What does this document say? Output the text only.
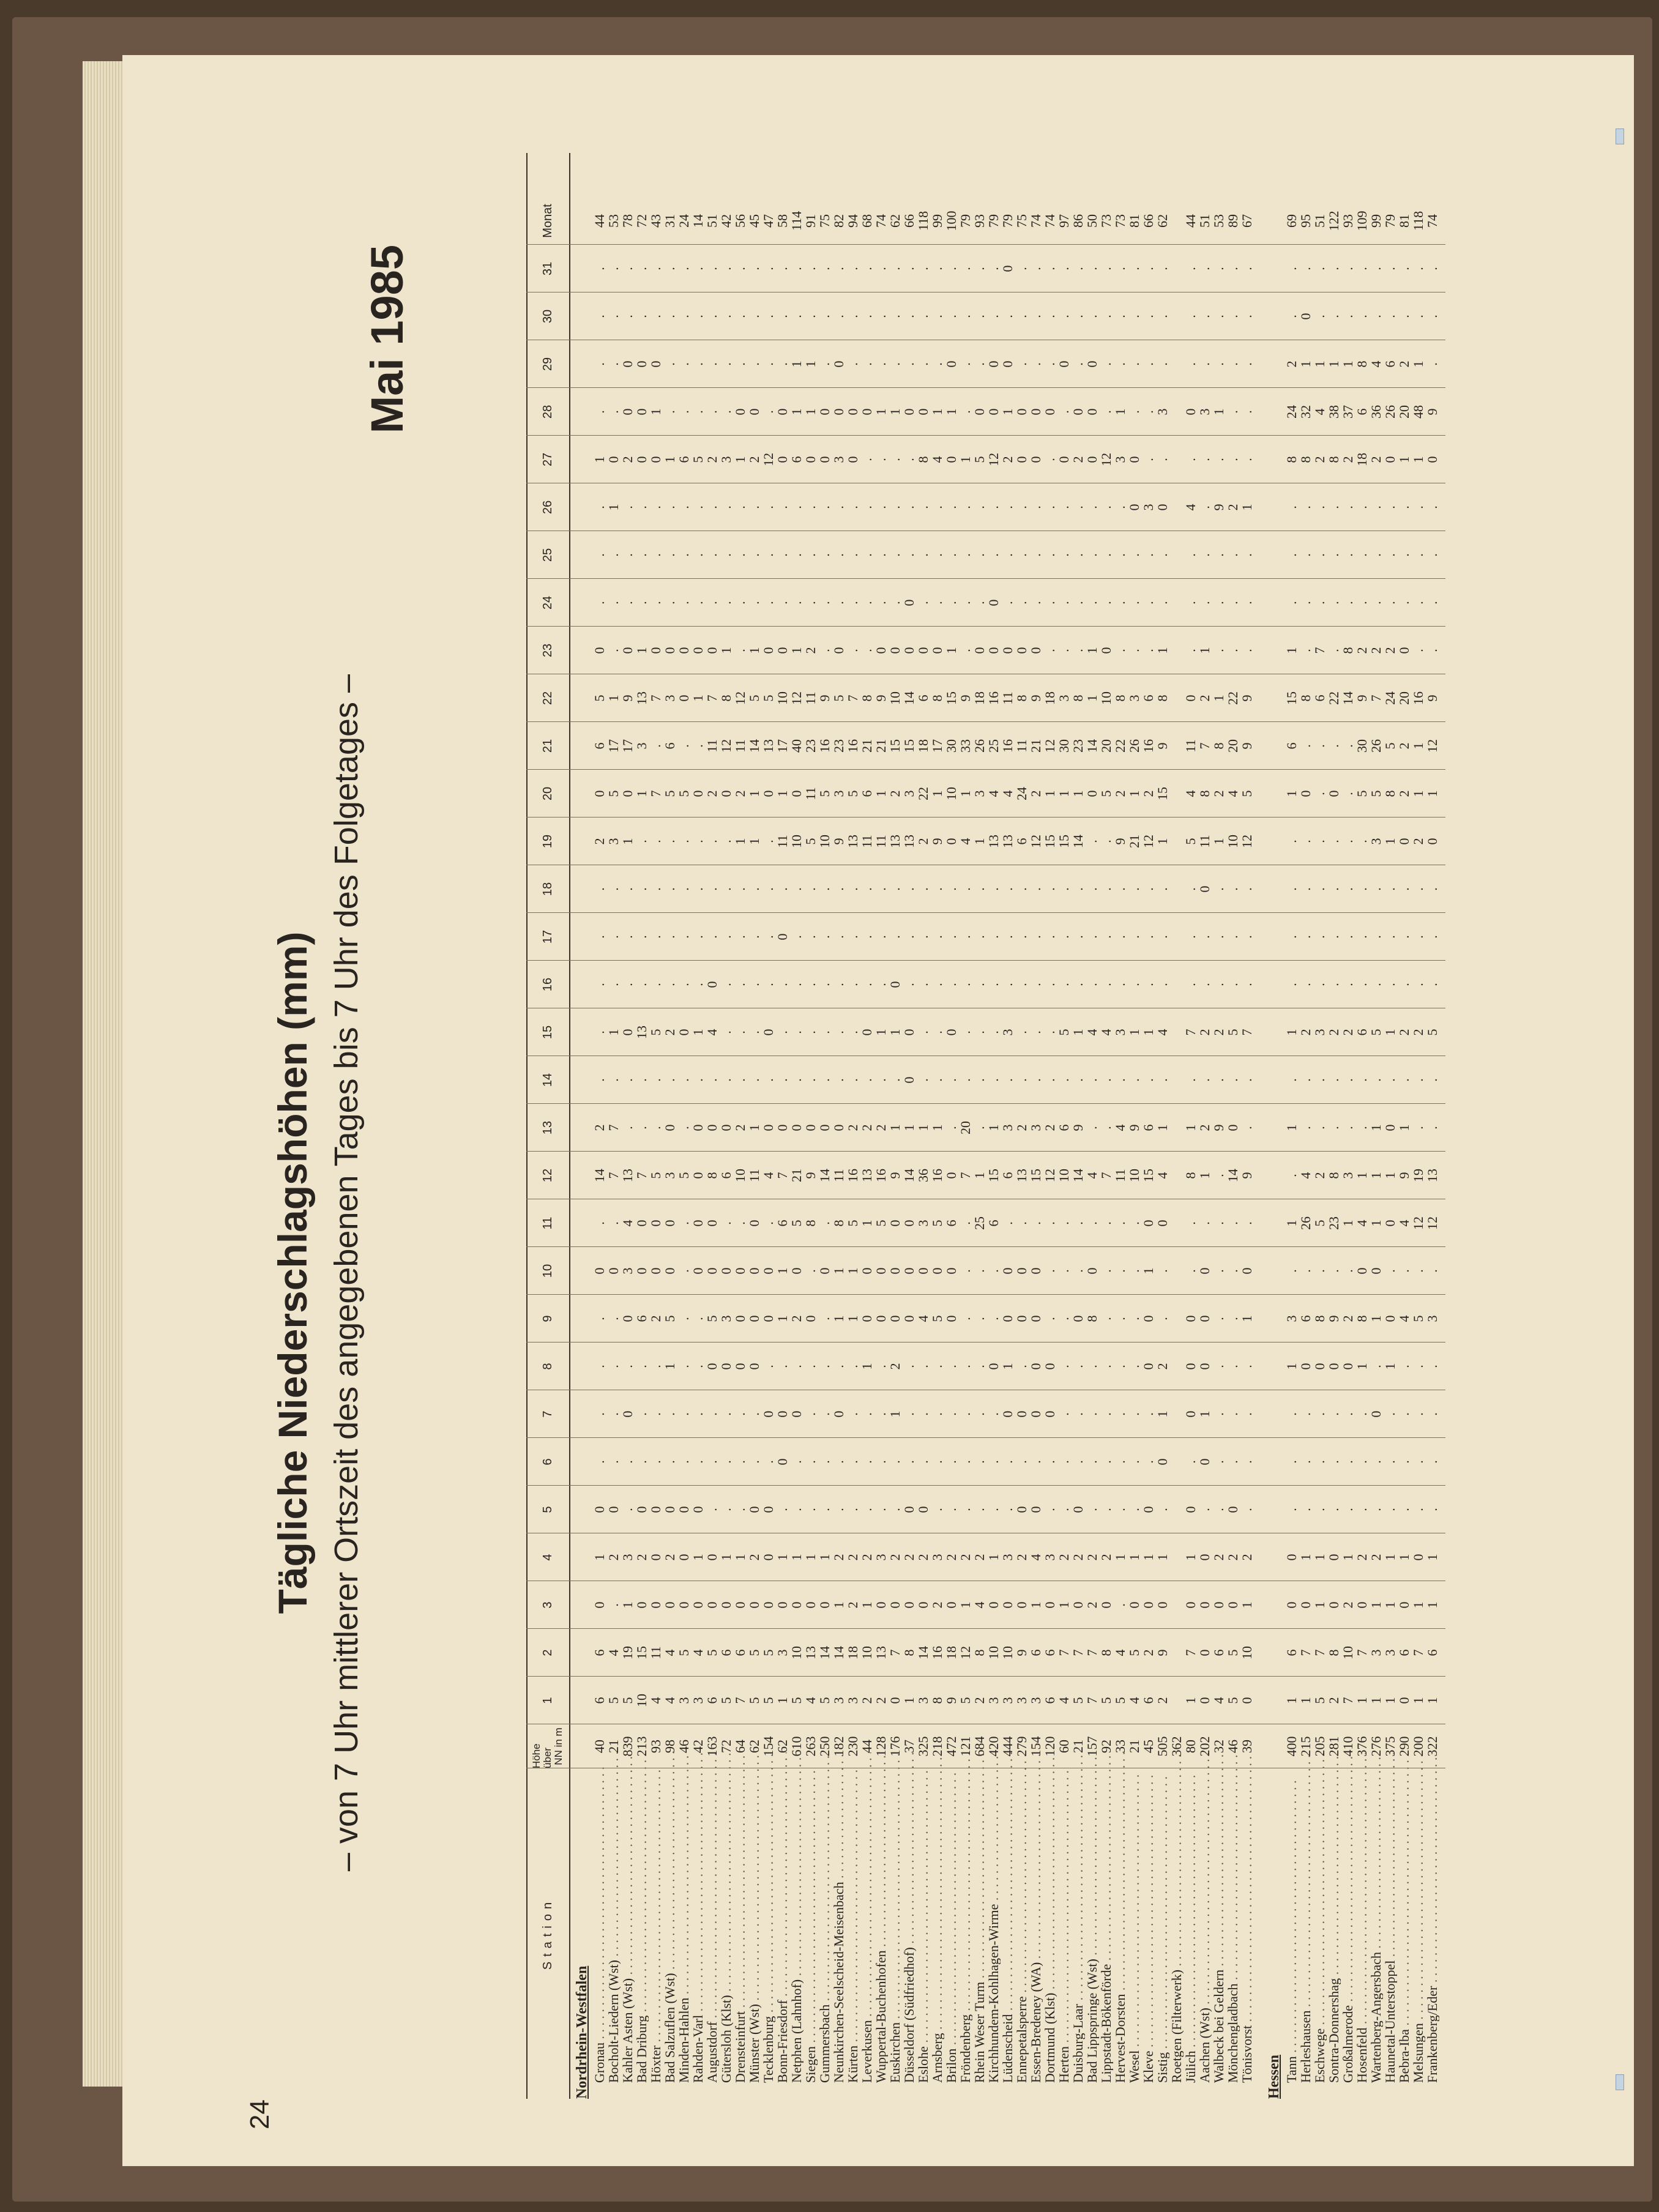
24
Tägliche Niederschlagshöhen (mm) – von 7 Uhr mittlerer Ortszeit des angegebenen Tages bis 7 Uhr des Folgetages –
Mai 1985
Station
Höhe über NN in m
1
2
3
4
5
6
7
8
9
10
11
12
13
14
15
16
17
18
19
20
21
22
23
24
25
26
27
28
29
30
31
Monat
Nordrhein-Westfalen Gronau . . .
40
6
6
0
1
0
.
.
.
.
0
.
14
2
.
.
.
.
.
2
0
6
5
0
.
.
.
1
.
.
.
.
44
Bocholt-Liedern (Wst) . . .
21
5
4
.
2
0
.
.
.
.
0
.
7
7
.
1
.
.
.
3
5
17
1
.
.
.
1
0
.
.
.
.
53
Kahler Asten (Wst) . . .
839
5
19
1
3
.
.
0
.
0
3
4
13
.
.
0
.
.
.
1
0
17
9
0
.
.
.
2
0
0
.
.
78
Bad Driburg . . .
213
10
15
0
2
0
.
.
.
6
0
0
7
.
.
13
.
.
.
.
1
3
13
1
.
.
.
0
0
0
.
.
72
Höxter . . .
93
4
11
0
0
0
.
.
.
2
0
0
5
.
.
5
.
.
.
.
7
.
7
0
.
.
.
0
1
0
.
.
43
Bad Salzuflen (Wst) . . .
98
4
4
0
2
0
.
.
1
5
0
0
3
0
.
2
.
.
.
.
5
6
3
0
.
.
.
1
.
.
.
.
31
Minden-Hahlen . . .
46
3
5
0
0
0
.
.
.
.
.
.
5
.
.
0
.
.
.
.
5
.
0
0
.
.
.
6
.
.
.
.
24
Rahden-Varl . . .
42
3
4
0
1
0
.
.
.
.
0
0
0
0
.
1
.
.
.
.
0
.
1
0
.
.
.
5
.
.
.
.
14
Augustdorf . . .
163
6
5
0
0
.
.
.
0
5
0
0
8
0
.
4
0
.
.
.
2
11
7
0
.
.
.
2
.
.
.
.
51
Gütersloh (Klst) . . .
72
5
6
0
1
.
.
.
0
3
0
.
6
0
.
.
.
.
.
.
0
12
8
1
.
.
.
3
.
.
.
.
42
Drensteinfurt . . .
64
7
6
0
1
.
.
.
0
0
0
.
10
2
.
.
.
.
.
1
2
11
12
.
.
.
.
1
0
.
.
.
56
Münster (Wst) . . .
62
5
5
0
2
0
.
.
0
0
0
0
11
1
.
.
.
.
.
1
1
14
5
1
.
.
.
2
0
.
.
.
45
Tecklenburg . . .
154
5
5
0
0
0
.
0
.
0
0
.
4
0
.
0
.
.
.
.
0
13
5
0
.
.
.
12
.
.
.
.
47
Bonn-Friesdorf . . .
62
1
3
0
1
.
0
0
.
1
1
6
7
0
.
.
.
0
.
11
1
17
10
0
.
.
.
0
0
.
.
.
58
Netphen (Lahnhof) . . .
610
5
10
0
1
.
.
0
.
2
0
5
21
0
.
.
.
.
.
10
0
40
12
1
.
.
.
6
1
1
.
.
114
Siegen . . .
263
4
13
0
1
.
.
.
.
0
.
8
9
0
.
.
.
.
.
5
11
23
11
2
.
.
.
0
1
1
.
.
91
Gummersbach . . .
250
5
14
0
1
.
.
.
.
.
0
.
14
0
.
.
.
.
.
10
5
16
9
.
.
.
.
0
0
.
.
.
75
Neunkirchen-Seelscheid-Meisenbach . . .
182
3
14
1
2
.
.
0
.
1
1
8
11
0
.
.
.
.
.
9
3
23
5
0
.
.
.
3
0
0
.
.
82
Kürten . . .
230
3
18
2
2
.
.
.
.
1
1
5
16
2
.
.
.
.
.
13
5
16
7
.
.
.
.
0
0
.
.
.
94
Leverkusen . . .
44
2
10
1
2
.
.
.
1
0
0
1
13
2
.
0
.
.
.
11
6
21
8
.
.
.
.
.
0
.
.
.
68
Wuppertal-Buchenhofen . . .
128
2
13
0
3
.
.
.
.
0
0
5
16
2
.
1
.
.
.
11
1
21
9
0
.
.
.
.
1
.
.
.
74
Euskirchen . . .
176
0
7
0
2
.
.
1
2
0
0
0
9
1
.
1
0
.
.
13
2
15
10
0
.
.
.
.
1
.
.
.
62
Düsseldorf (Südfriedhof) . . .
37
1
8
0
2
0
.
.
.
0
0
0
14
1
0
0
.
.
.
13
3
15
14
0
0
.
.
.
0
.
.
.
66
Eslohe . . .
325
3
14
0
2
0
.
.
.
4
0
3
36
1
.
.
.
.
.
2
22
18
6
0
.
.
.
8
0
.
.
.
118
Arnsberg . . .
218
8
16
2
3
.
.
.
.
5
0
5
16
1
.
.
.
.
.
9
1
17
8
0
.
.
.
4
1
.
.
.
99
Brilon . . .
472
9
18
0
2
.
.
.
.
0
0
6
0
.
.
0
.
.
.
0
10
30
15
1
.
.
.
0
1
0
.
.
100
Fröndenberg . . .
121
5
12
1
2
.
.
.
.
.
.
.
7
20
.
.
.
.
.
4
1
33
9
.
.
.
.
1
.
.
.
.
79
Rhein Weser Turm . . .
684
2
8
4
2
.
.
.
.
.
.
25
1
.
.
.
.
.
.
1
3
26
18
0
.
.
.
5
0
.
.
.
93
Kirchhundem-Kohlhagen-Wirme . . .
420
3
10
0
1
.
.
.
0
.
.
6
15
1
.
.
.
.
.
13
4
25
16
0
0
.
.
12
0
0
.
.
79
Lüdenscheid . . .
444
3
10
0
3
.
.
0
1
0
0
.
6
3
.
3
.
.
.
13
4
16
11
0
.
.
.
2
1
0
.
0
79
Ennepetalsperre . . .
279
3
9
0
2
0
.
0
.
0
0
.
13
2
.
.
.
.
.
6
24
11
8
0
.
.
.
0
0
.
.
.
75
Essen-Bredeney (WA) . . .
154
3
6
1
4
0
.
0
0
0
0
.
15
3
.
.
.
.
.
12
2
21
9
0
.
.
.
0
0
.
.
.
74
Dortmund (Klst) . . .
120
6
6
0
3
.
.
0
0
.
.
.
12
2
.
.
.
.
.
15
1
12
18
.
.
.
.
.
0
.
.
.
74
Herten . . .
60
4
7
1
2
.
.
.
.
.
.
.
10
6
.
5
.
.
.
15
1
30
3
.
.
.
.
0
.
0
.
.
97
Duisburg-Laar . . .
21
5
7
0
2
0
.
.
.
0
.
.
14
9
.
1
.
.
.
14
1
23
8
.
.
.
.
2
0
.
.
.
86
Bad Lippspringe (Wst) . . .
157
7
7
2
2
.
.
.
.
8
0
.
4
.
.
4
.
.
.
.
0
14
1
1
.
.
.
0
0
0
.
.
50
Lippstadt-Bökenförde . . .
92
5
8
0
2
.
.
.
.
.
.
.
7
.
.
4
.
.
.
.
5
20
10
0
.
.
.
12
.
.
.
.
73
Hervest-Dorsten . . .
33
5
4
.
1
.
.
.
.
.
.
.
11
4
.
3
.
.
.
9
2
22
8
.
.
.
.
3
1
.
.
.
73
Wesel . . .
21
4
5
0
1
.
.
.
.
.
.
.
10
9
.
1
.
.
.
21
1
26
3
.
.
.
0
0
.
.
.
.
81
Kleve . . .
45
6
2
0
1
0
.
.
0
0
1
0
15
6
.
1
.
.
.
12
2
16
6
.
.
.
3
.
.
.
.
.
66
Sistig . . .
505
2
9
0
1
.
0
1
2
.
.
0
4
1
.
4
.
.
.
1
15
9
8
1
.
.
0
.
3
.
.
.
62
Roetgen (Filterwerk) . . .
362
Jülich . . .
80
1
7
0
1
0
.
0
0
0
.
.
8
1
.
7
.
.
.
5
4
11
0
.
.
.
4
.
0
.
.
.
44
Aachen (Wst) . . .
202
0
0
0
0
.
0
1
0
0
0
.
1
2
.
2
.
.
0
11
8
7
2
1
.
.
.
.
3
.
.
.
51
Walbeck bei Geldern . . .
32
4
6
0
2
.
.
.
.
.
.
.
.
9
.
2
.
.
.
1
2
8
1
.
.
.
9
.
1
.
.
.
53
Mönchengladbach . . .
46
5
5
0
2
0
.
.
.
.
.
.
14
0
.
5
.
.
.
10
4
20
22
.
.
.
2
.
.
.
.
.
89
Tönisvorst . . .
39
0
10
1
2
.
.
.
.
1
0
.
9
.
.
7
.
.
.
12
5
9
9
.
.
.
1
.
.
.
.
.
67
Hessen Tann . . .
400
1
6
0
0
.
.
.
1
3
.
1
.
1
.
1
.
.
.
.
1
6
15
1
.
.
.
8
24
2
.
.
69
Herleshausen . . .
215
1
7
0
1
.
.
.
0
6
.
26
4
.
.
2
.
.
.
.
0
.
8
.
.
.
.
8
32
1
0
.
95
Eschwege . . .
205
5
7
1
1
.
.
.
0
8
.
5
2
.
.
3
.
.
.
.
.
.
6
7
.
.
.
2
4
1
.
.
51
Sontra-Donnershag . . .
281
2
8
0
0
.
.
.
0
9
.
23
8
.
.
2
.
.
.
.
0
.
22
.
.
.
.
8
38
1
.
.
122
Großalmerode . . .
410
7
10
2
1
.
.
.
0
2
.
1
3
.
.
2
.
.
.
.
.
.
14
8
.
.
.
2
37
1
.
.
93
Hosenfeld . . .
376
1
7
0
2
.
.
.
1
8
0
4
1
.
.
6
.
.
.
.
5
30
9
2
.
.
.
18
6
8
.
.
109
Wartenberg-Angersbach . . .
276
1
3
1
2
.
.
0
.
1
0
1
1
1
.
5
.
.
.
3
5
26
7
2
.
.
.
2
36
4
.
.
99
Haunetal-Unterstoppel . . .
375
1
3
1
1
.
.
.
1
0
.
0
1
0
.
1
.
.
.
1
8
5
24
2
.
.
.
0
26
6
.
.
79
Bebra-Iba . . .
290
0
6
0
1
.
.
.
.
4
.
4
9
1
.
2
.
.
.
0
2
2
20
0
.
.
.
1
20
2
.
.
81
Melsungen . . .
200
1
7
1
0
.
.
.
.
5
.
12
19
.
.
2
.
.
.
2
1
1
16
.
.
.
.
1
48
1
.
.
118
Frankenberg/Eder . . .
322
1
6
1
1
.
.
.
.
3
.
12
13
.
.
5
.
.
.
0
1
12
9
.
.
.
.
0
9
.
.
.
74
